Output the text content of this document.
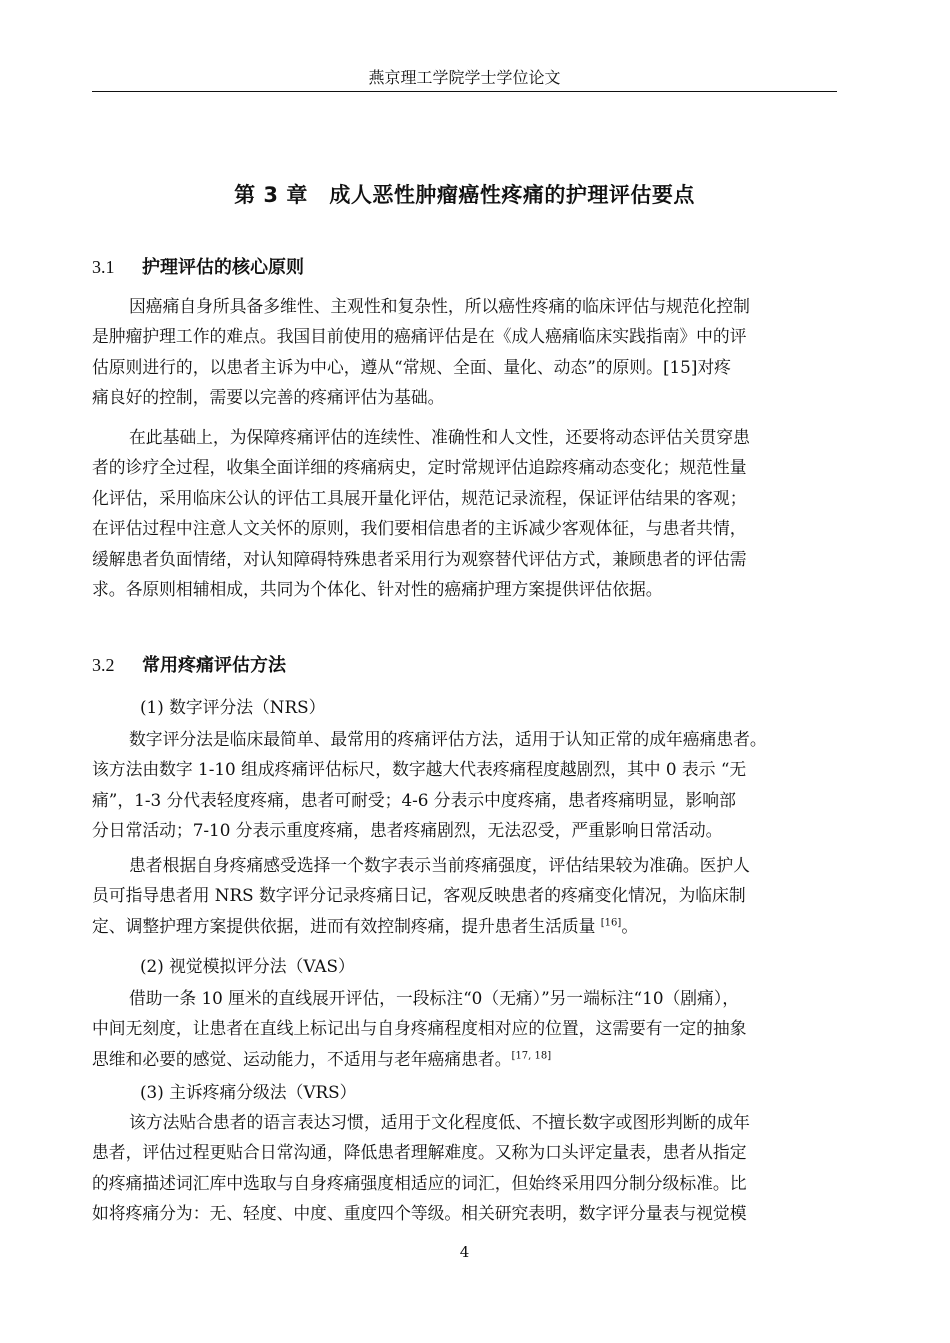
燕京理工学院学士学位论文
第 3 章　成人恶性肿瘤癌性疼痛的护理评估要点
3.1 护理评估的核心原则
因癌痛自身所具备多维性、主观性和复杂性，所以癌性疼痛的临床评估与规范化控制
是肿瘤护理工作的难点。我国目前使用的癌痛评估是在《成人癌痛临床实践指南》中的评
估原则进行的，以患者主诉为中心，遵从“常规、全面、量化、动态”的原则。[15]对疼
痛良好的控制，需要以完善的疼痛评估为基础。
在此基础上，为保障疼痛评估的连续性、准确性和人文性，还要将动态评估关贯穿患
者的诊疗全过程，收集全面详细的疼痛病史，定时常规评估追踪疼痛动态变化；规范性量
化评估，采用临床公认的评估工具展开量化评估，规范记录流程，保证评估结果的客观；
在评估过程中注意人文关怀的原则，我们要相信患者的主诉减少客观体征，与患者共情，
缓解患者负面情绪，对认知障碍特殊患者采用行为观察替代评估方式，兼顾患者的评估需
求。各原则相辅相成，共同为个体化、针对性的癌痛护理方案提供评估依据。
3.2 常用疼痛评估方法
(1) 数字评分法（NRS）
数字评分法是临床最简单、最常用的疼痛评估方法，适用于认知正常的成年癌痛患者。
该方法由数字 1-10 组成疼痛评估标尺，数字越大代表疼痛程度越剧烈，其中 0 表示 “无
痛”，1-3 分代表轻度疼痛，患者可耐受；4-6 分表示中度疼痛，患者疼痛明显，影响部
分日常活动；7-10 分表示重度疼痛，患者疼痛剧烈，无法忍受，严重影响日常活动。
患者根据自身疼痛感受选择一个数字表示当前疼痛强度，评估结果较为准确。医护人
员可指导患者用 NRS 数字评分记录疼痛日记，客观反映患者的疼痛变化情况，为临床制
定、调整护理方案提供依据，进而有效控制疼痛，提升患者生活质量 [16]。
(2) 视觉模拟评分法（VAS）
借助一条 10 厘米的直线展开评估，一段标注“0（无痛）”另一端标注“10（剧痛），
中间无刻度，让患者在直线上标记出与自身疼痛程度相对应的位置，这需要有一定的抽象
思维和必要的感觉、运动能力，不适用与老年癌痛患者。[17, 18]
(3) 主诉疼痛分级法（VRS）
该方法贴合患者的语言表达习惯，适用于文化程度低、不擅长数字或图形判断的成年
患者，评估过程更贴合日常沟通，降低患者理解难度。又称为口头评定量表，患者从指定
的疼痛描述词汇库中选取与自身疼痛强度相适应的词汇，但始终采用四分制分级标准。比
如将疼痛分为：无、轻度、中度、重度四个等级。相关研究表明，数字评分量表与视觉模
4
